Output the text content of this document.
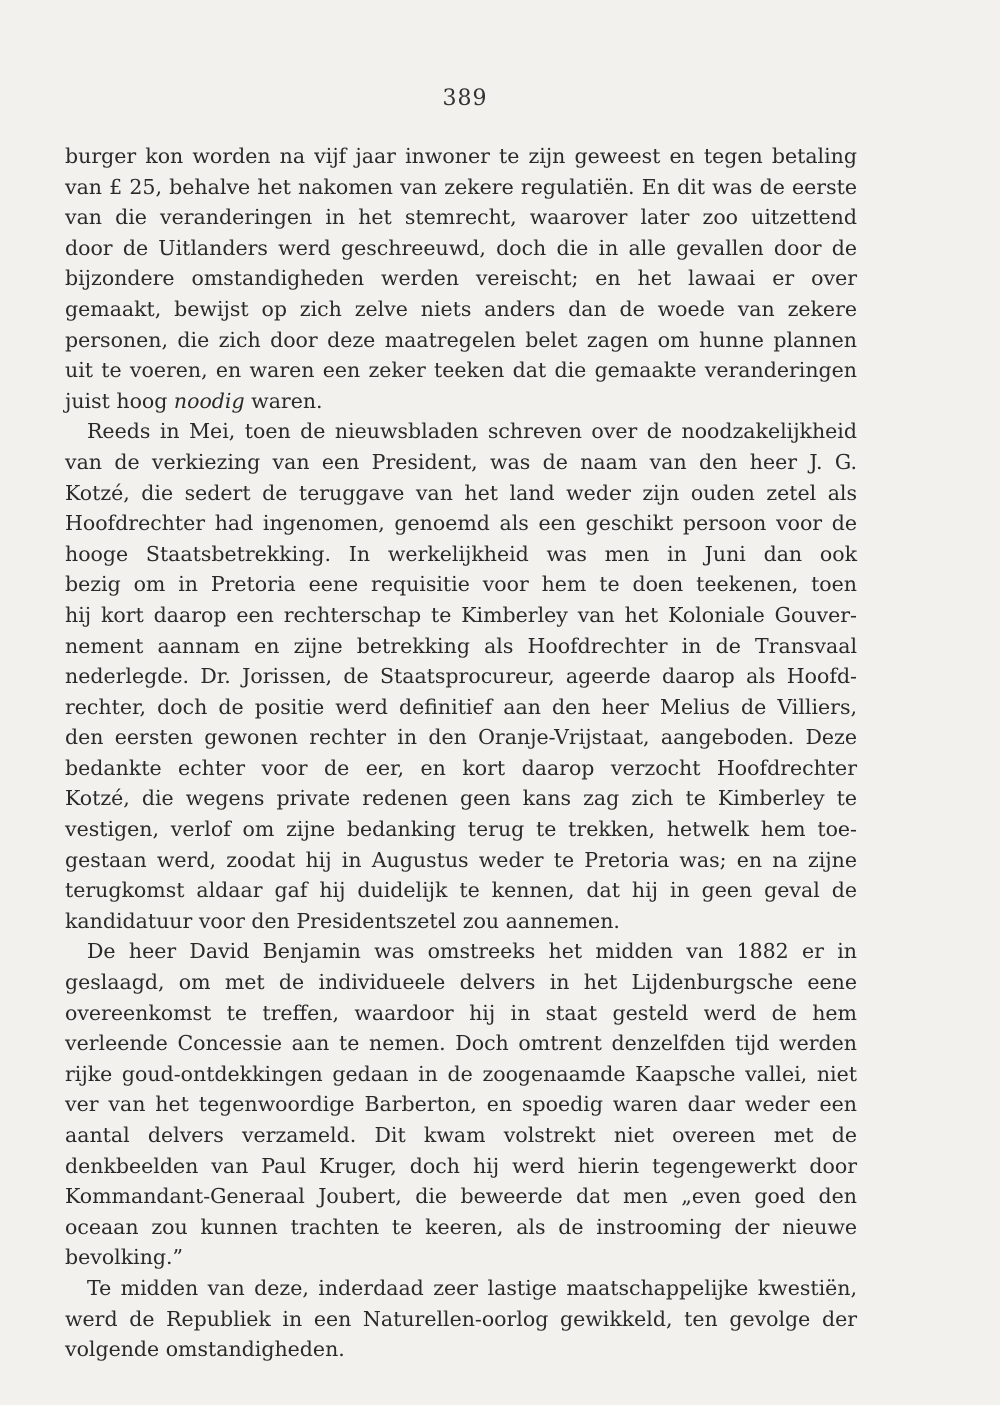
389
burger kon worden na vijf jaar inwoner te zijn geweest en tegen betaling
van £ 25, behalve het nakomen van zekere regulatiën. En dit was de eerste
van die veranderingen in het stemrecht, waarover later zoo uitzettend
door de Uitlanders werd geschreeuwd, doch die in alle gevallen door de
bijzondere omstandigheden werden vereischt; en het lawaai er over
gemaakt, bewijst op zich zelve niets anders dan de woede van zekere
personen, die zich door deze maatregelen belet zagen om hunne plannen
uit te voeren, en waren een zeker teeken dat die gemaakte veranderingen
juist hoog noodig waren.
Reeds in Mei, toen de nieuwsbladen schreven over de noodzakelijkheid
van de verkiezing van een President, was de naam van den heer J. G.
Kotzé, die sedert de teruggave van het land weder zijn ouden zetel als
Hoofdrechter had ingenomen, genoemd als een geschikt persoon voor de
hooge Staatsbetrekking. In werkelijkheid was men in Juni dan ook
bezig om in Pretoria eene requisitie voor hem te doen teekenen, toen
hij kort daarop een rechterschap te Kimberley van het Koloniale Gouver-
nement aannam en zijne betrekking als Hoofdrechter in de Transvaal
nederlegde. Dr. Jorissen, de Staatsprocureur, ageerde daarop als Hoofd-
rechter, doch de positie werd definitief aan den heer Melius de Villiers,
den eersten gewonen rechter in den Oranje-Vrijstaat, aangeboden. Deze
bedankte echter voor de eer, en kort daarop verzocht Hoofdrechter
Kotzé, die wegens private redenen geen kans zag zich te Kimberley te
vestigen, verlof om zijne bedanking terug te trekken, hetwelk hem toe-
gestaan werd, zoodat hij in Augustus weder te Pretoria was; en na zijne
terugkomst aldaar gaf hij duidelijk te kennen, dat hij in geen geval de
kandidatuur voor den Presidentszetel zou aannemen.
De heer David Benjamin was omstreeks het midden van 1882 er in
geslaagd, om met de individueele delvers in het Lijdenburgsche eene
overeenkomst te treffen, waardoor hij in staat gesteld werd de hem
verleende Concessie aan te nemen. Doch omtrent denzelfden tijd werden
rijke goud-ontdekkingen gedaan in de zoogenaamde Kaapsche vallei, niet
ver van het tegenwoordige Barberton, en spoedig waren daar weder een
aantal delvers verzameld. Dit kwam volstrekt niet overeen met de
denkbeelden van Paul Kruger, doch hij werd hierin tegengewerkt door
Kommandant-Generaal Joubert, die beweerde dat men „even goed den
oceaan zou kunnen trachten te keeren, als de instrooming der nieuwe
bevolking.”
Te midden van deze, inderdaad zeer lastige maatschappelijke kwestiën,
werd de Republiek in een Naturellen-oorlog gewikkeld, ten gevolge der
volgende omstandigheden.
